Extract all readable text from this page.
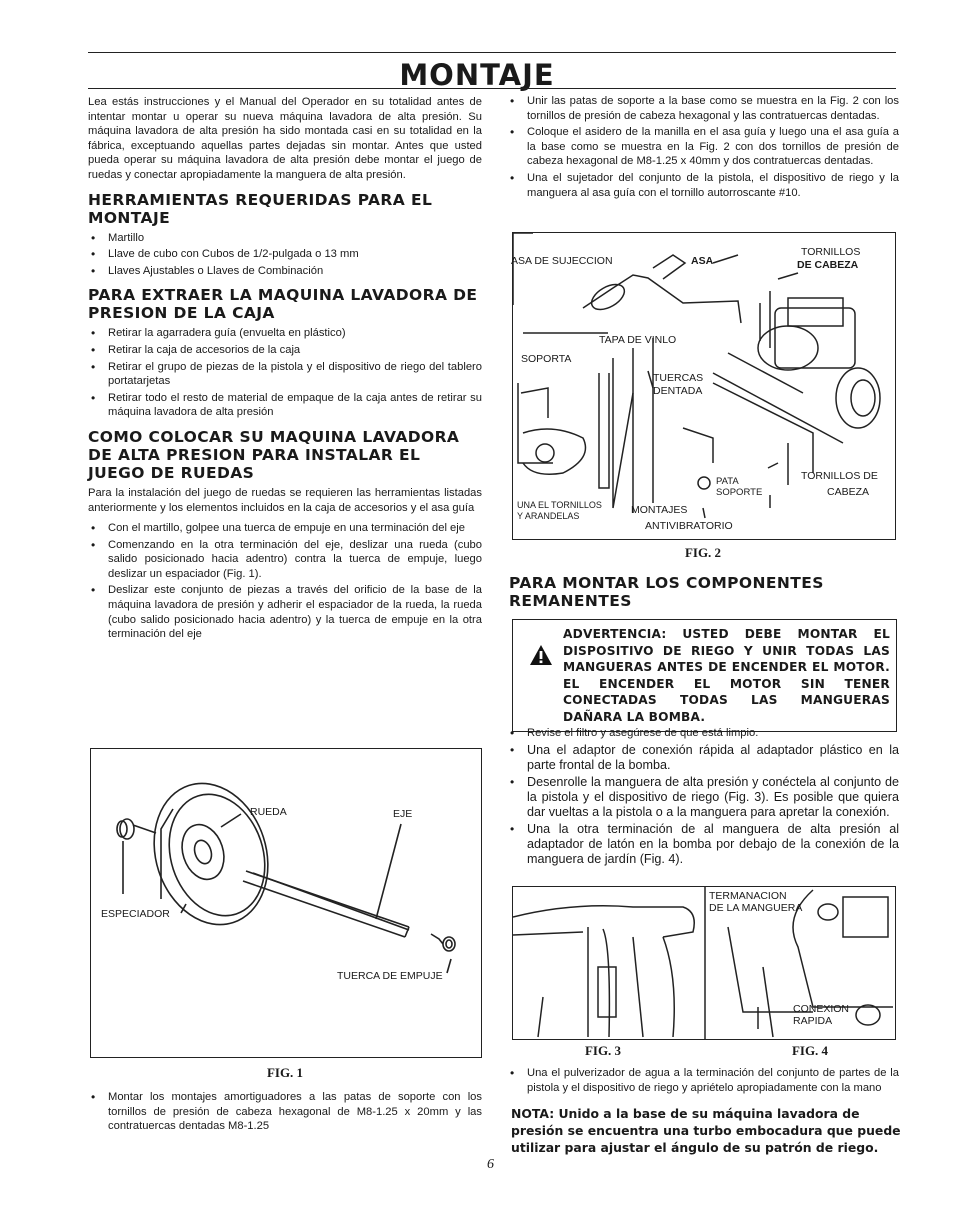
MONTAJE

Lea estás instrucciones y el Manual del Operador en su totalidad antes de intentar montar u operar su nueva máquina lavadora de alta presión. Su máquina lavadora de alta presión ha sido montada casi en su totalidad en la fábrica, exceptuando aquellas partes dejadas sin montar. Antes que usted pueda operar su máquina lavadora de alta presión debe montar el juego de ruedas y conectar apropiadamente la manguera de alta presión.

HERRAMIENTAS REQUERIDAS PARA EL MONTAJE
• Martillo
• Llave de cubo con Cubos de 1/2-pulgada o 13 mm
• Llaves Ajustables o Llaves de Combinación
PARA EXTRAER LA MAQUINA LAVADORA DE PRESION DE LA CAJA
• Retirar la agarradera guía (envuelta en plástico)
• Retirar la caja de accesorios de la caja
• Retirar el grupo de piezas de la pistola y el dispositivo de riego del tablero portatarjetas
• Retirar todo el resto de material de empaque de la caja antes de retirar su máquina lavadora de alta presión
COMO COLOCAR SU MAQUINA LAVADORA DE ALTA PRESION PARA INSTALAR EL JUEGO DE RUEDAS

Para la instalación del juego de ruedas se requieren las herramientas listadas anteriormente y los elementos incluidos en la caja de accesorios y el asa guía

• Con el martillo, golpee una tuerca de empuje en una terminación del eje
• Comenzando en la otra terminación del eje, deslizar una rueda (cubo salido posicionado hacia adentro) contra la tuerca de empuje, luego deslizar un espaciador (Fig. 1).
• Deslizar este conjunto de piezas a través del orificio de la base de la máquina lavadora de presión y adherir el espaciador de la rueda, la rueda (cubo salido posicionado hacia adentro) y la tuerca de empuje en la otra terminación del eje
RUEDA	EJE
ESPECIADOR
TUERCA DE EMPUJE
FIG. 1
• Montar los montajes amortiguadores a las patas de soporte con los tornillos de presión de cabeza hexagonal de M8-1.25 x 20mm y las contratuercas dentadas M8-1.25
• Unir las patas de soporte a la base como se muestra en la Fig. 2 con los tornillos de presión de cabeza hexagonal y las contratuercas dentadas.
• Coloque el asidero de la manilla en el asa guía y luego una el asa guía a la base como se muestra en la Fig. 2 con dos tornillos de presión de cabeza hexagonal de M8-1.25 x 40mm y dos contratuercas dentadas.
• Una el sujetador del conjunto de la pistola, el dispositivo de riego y la manguera al asa guía con el tornillo autorroscante #10.
ASA DE SUJECCION	ASA
TORNILLOS
DE CABEZA
TAPA DE VINLO
SOPORTA
TUERCAS
DENTADA
PATA
SOPORTE
TORNILLOS DE
CABEZA
UNA EL TORNILLOS
Y ARANDELAS	MONTAJES
ANTIVIBRATORIO
FIG. 2
PARA MONTAR LOS COMPONENTES REMANENTES
ADVERTENCIA: USTED DEBE MONTAR EL DISPOSITIVO DE RIEGO Y UNIR TODAS LAS MANGUERAS ANTES DE ENCENDER EL MOTOR. EL ENCENDER EL MOTOR SIN TENER CONECTADAS TODAS LAS MANGUERAS DAÑARA LA BOMBA.
• Revise el filtro y asegúrese de que está limpio.
• Una el adaptor de conexión rápida al adaptador plástico en la parte frontal de la bomba.
• Desenrolle la manguera de alta presión y conéctela al conjunto de la pistola y el dispositivo de riego (Fig. 3). Es posible que quiera dar vueltas a la pistola o a la manguera para apretar la conexión.
• Una la otra terminación de al manguera de alta presión al adaptador de latón en la bomba por debajo de la conexión de la manguera de jardín (Fig. 4).
TERMANACION
DE LA MANGUERA
CONEXION
RAPIDA
FIG. 3	FIG. 4
• Una el pulverizador de agua a la terminación del conjunto de partes de la pistola y el dispositivo de riego y apriételo apropiadamente con la mano
NOTA: Unido a la base de su máquina lavadora de presión se encuentra una turbo embocadura que puede utilizar para ajustar el ángulo de su patrón de riego.
6
